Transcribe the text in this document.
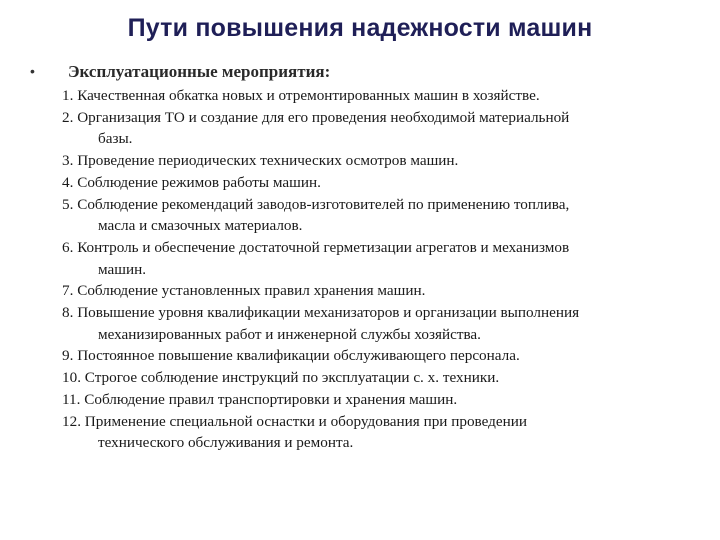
Пути повышения надежности машин
• Эксплуатационные мероприятия:
1. Качественная обкатка новых и отремонтированных машин в хозяйстве.
2. Организация ТО и создание для его проведения необходимой материальной
базы.
3. Проведение периодических технических осмотров машин.
4. Соблюдение режимов работы машин.
5. Соблюдение рекомендаций заводов-изготовителей по применению топлива,
масла и смазочных материалов.
6. Контроль и обеспечение достаточной герметизации агрегатов и механизмов
машин.
7. Соблюдение установленных правил хранения машин.
8. Повышение уровня квалификации механизаторов и организации выполнения
механизированных работ и инженерной службы хозяйства.
9. Постоянное повышение квалификации обслуживающего персонала.
10. Строгое соблюдение инструкций по эксплуатации с. х. техники.
11. Соблюдение правил транспортировки и хранения машин.
12. Применение специальной оснастки и оборудования при проведении
технического обслуживания и ремонта.
